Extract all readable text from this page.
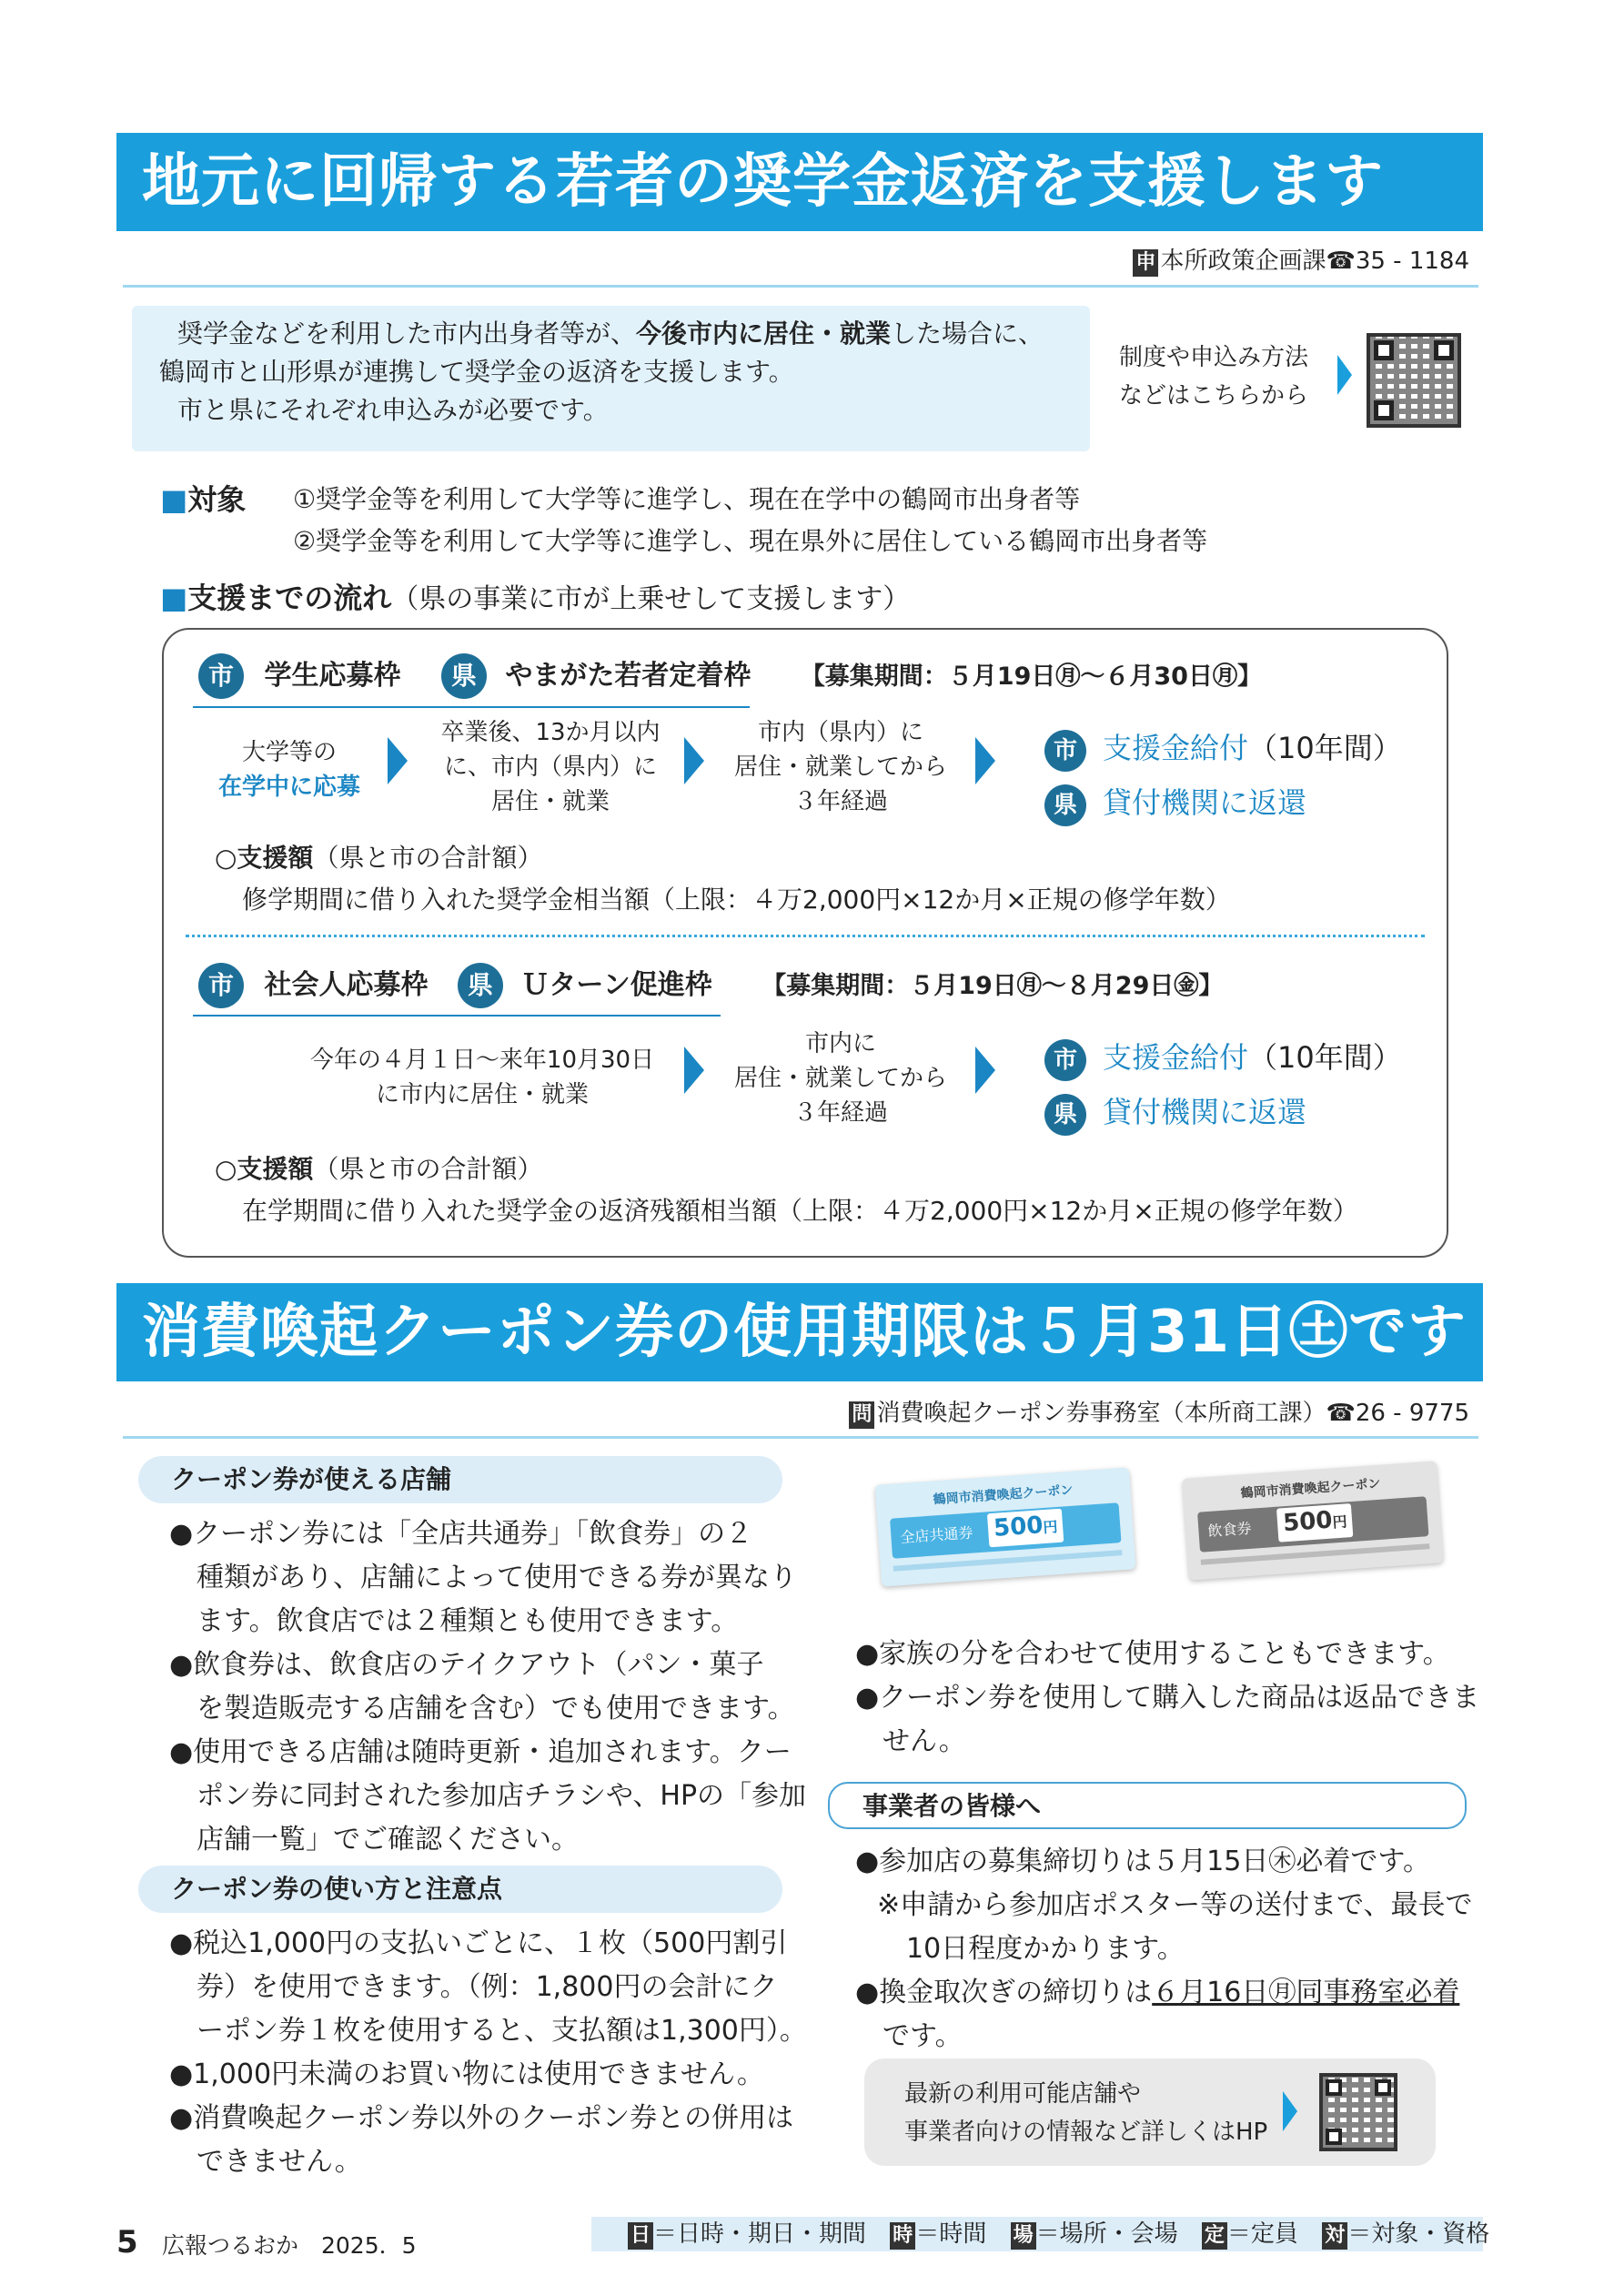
地元に回帰する若者の奨学金返済を支援します
申 本所政策企画課☎35 - 1184
奨学金などを利用した市内出身者等が、今後市内に居住・就業した場合に、
鶴岡市と山形県が連携して奨学金の返済を支援します。
市と県にそれぞれ申込みが必要です。
制度や申込み方法
などはこちらから
■対象 ①奨学金等を利用して大学等に進学し、現在在学中の鶴岡市出身者等
②奨学金等を利用して大学等に進学し、現在県外に居住している鶴岡市出身者等
■支援までの流れ（県の事業に市が上乗せして支援します）
市 学生応募枠 県 やまがた若者定着枠 【募集期間：５月19日㊊〜６月30日㊊】
大学等の
在学中に応募
卒業後、13か月以内
に、市内（県内）に
居住・就業
市内（県内）に
居住・就業してから
３年経過
市 支援金給付（10年間）
県 貸付機関に返還
○支援額（県と市の合計額）
修学期間に借り入れた奨学金相当額（上限：４万2,000円×12か月×正規の修学年数）
市 社会人応募枠 県 Ｕターン促進枠 【募集期間：５月19日㊊〜８月29日㊎】
今年の４月１日〜来年10月30日
に市内に居住・就業
市内に
居住・就業してから
３年経過
市 支援金給付（10年間）
県 貸付機関に返還
○支援額（県と市の合計額）
在学期間に借り入れた奨学金の返済残額相当額（上限：４万2,000円×12か月×正規の修学年数）
消費喚起クーポン券の使用期限は５月31日㊏です
問 消費喚起クーポン券事務室（本所商工課）☎26 - 9775
クーポン券が使える店舗
●クーポン券には「全店共通券」「飲食券」の２
種類があり、店舗によって使用できる券が異なり
ます。飲食店では２種類とも使用できます。
●飲食券は、飲食店のテイクアウト（パン・菓子
を製造販売する店舗を含む）でも使用できます。
●使用できる店舗は随時更新・追加されます。クー
ポン券に同封された参加店チラシや、HPの「参加
店舗一覧」でご確認ください。
クーポン券の使い方と注意点
●税込1,000円の支払いごとに、１枚（500円割引
券）を使用できます。（例：1,800円の会計にク
ーポン券１枚を使用すると、支払額は1,300円）。
●1,000円未満のお買い物には使用できません。
●消費喚起クーポン券以外のクーポン券との併用は
できません。
鶴岡市消費喚起クーポン
全店共通券 500円
鶴岡市消費喚起クーポン
飲食券 500円
●家族の分を合わせて使用することもできます。
●クーポン券を使用して購入した商品は返品できま
せん。
事業者の皆様へ
●参加店の募集締切りは５月15日㊍必着です。
※申請から参加店ポスター等の送付まで、最長で
10日程度かかります。
●換金取次ぎの締切りは６月16日㊊同事務室必着
です。
最新の利用可能店舗や
事業者向けの情報など詳しくはHP
5 広報つるおか　2025．5	日 ＝日時・期日・期間 時 ＝時間 場 ＝場所・会場 定 ＝定員 対 ＝対象・資格
